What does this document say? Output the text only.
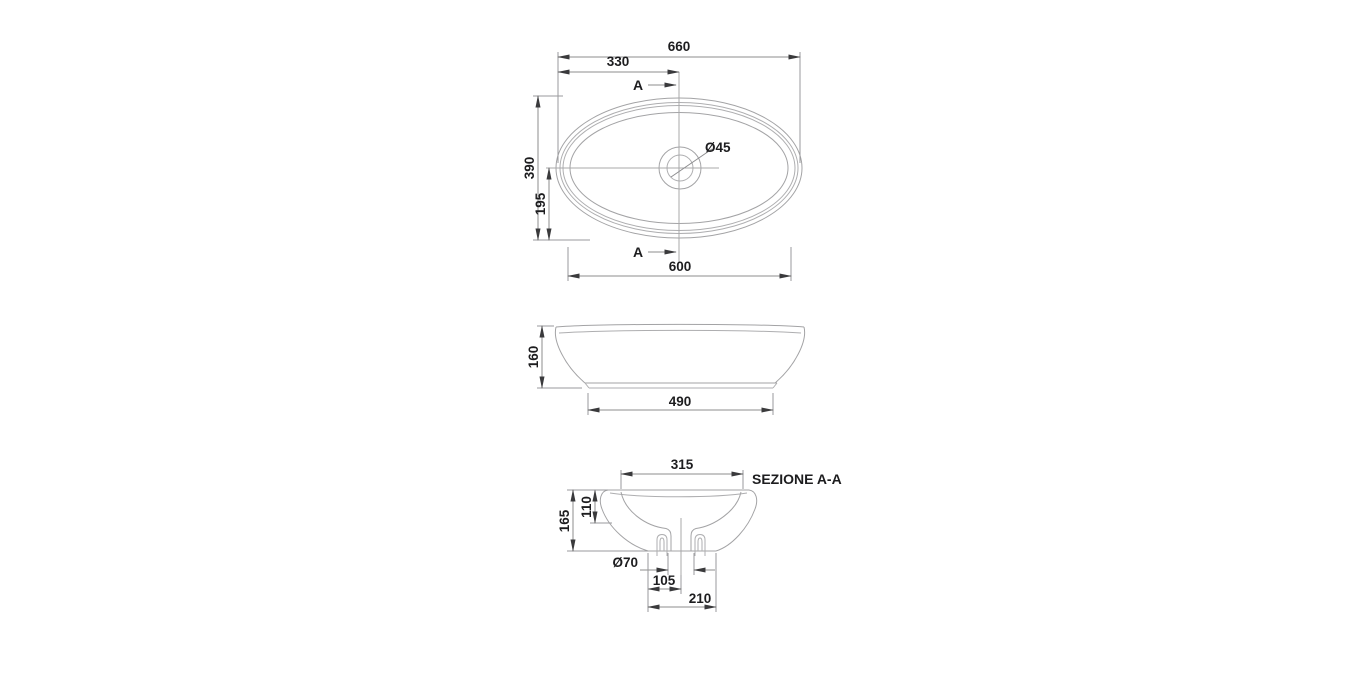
Ø45
660
330
A
390
195
A
600
160
490
SEZIONE A-A
315
110
165
Ø70
105
210
